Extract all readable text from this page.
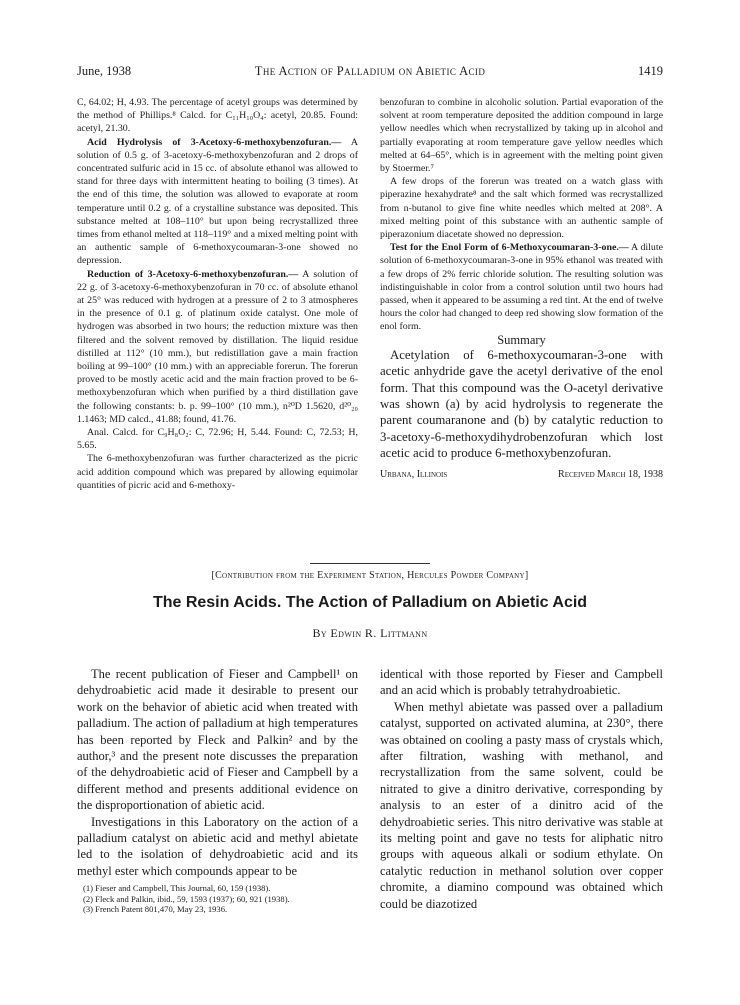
June, 1938	The Action of Palladium on Abietic Acid	1419

C, 64.02; H, 4.93. The percentage of acetyl groups was determined by the method of Phillips.⁸ Calcd. for C₁₁H₁₀O₄: acetyl, 20.85. Found: acetyl, 21.30.

Acid Hydrolysis of 3-Acetoxy-6-methoxybenzofuran.— A solution of 0.5 g. of 3-acetoxy-6-methoxybenzofuran and 2 drops of concentrated sulfuric acid in 15 cc. of absolute ethanol was allowed to stand for three days with intermittent heating to boiling (3 times). At the end of this time, the solution was allowed to evaporate at room temperature until 0.2 g. of a crystalline substance was deposited. This substance melted at 108–110° but upon being recrystallized three times from ethanol melted at 118–119° and a mixed melting point with an authentic sample of 6-methoxycoumaran-3-one showed no depression.

Reduction of 3-Acetoxy-6-methoxybenzofuran.— A solution of 22 g. of 3-acetoxy-6-methoxybenzofuran in 70 cc. of absolute ethanol at 25° was reduced with hydrogen at a pressure of 2 to 3 atmospheres in the presence of 0.1 g. of platinum oxide catalyst. One mole of hydrogen was absorbed in two hours; the reduction mixture was then filtered and the solvent removed by distillation. The liquid residue distilled at 112° (10 mm.), but redistillation gave a main fraction boiling at 99–100° (10 mm.) with an appreciable forerun. The forerun proved to be mostly acetic acid and the main fraction proved to be 6-methoxybenzofuran which when purified by a third distillation gave the following constants: b. p. 99–100° (10 mm.), n²⁰D 1.5620, d²⁰₂₀ 1.1463; MD calcd., 41.88; found, 41.76.

Anal. Calcd. for C₉H₈O₂: C, 72.96; H, 5.44. Found: C, 72.53; H, 5.65.

The 6-methoxybenzofuran was further characterized as the picric acid addition compound which was prepared by allowing equimolar quantities of picric acid and 6-methoxy-

benzofuran to combine in alcoholic solution. Partial evaporation of the solvent at room temperature deposited the addition compound in large yellow needles which when recrystallized by taking up in alcohol and partially evaporating at room temperature gave yellow needles which melted at 64–65°, which is in agreement with the melting point given by Stoermer.⁷

A few drops of the forerun was treated on a watch glass with piperazine hexahydrate⁸ and the salt which formed was recrystallized from n-butanol to give fine white needles which melted at 208°. A mixed melting point of this substance with an authentic sample of piperazonium diacetate showed no depression.

Test for the Enol Form of 6-Methoxycoumaran-3-one.— A dilute solution of 6-methoxycoumaran-3-one in 95% ethanol was treated with a few drops of 2% ferric chloride solution. The resulting solution was indistinguishable in color from a control solution until two hours had passed, when it appeared to be assuming a red tint. At the end of twelve hours the color had changed to deep red showing slow formation of the enol form.

Summary

Acetylation of 6-methoxycoumaran-3-one with acetic anhydride gave the acetyl derivative of the enol form. That this compound was the O-acetyl derivative was shown (a) by acid hydrolysis to regenerate the parent coumaranone and (b) by catalytic reduction to 3-acetoxy-6-methoxydihydrobenzofuran which lost acetic acid to produce 6-methoxybenzofuran.

Urbana, Illinois	Received March 18, 1938
[Contribution from the Experiment Station, Hercules Powder Company]
The Resin Acids. The Action of Palladium on Abietic Acid
By Edwin R. Littmann

The recent publication of Fieser and Campbell¹ on dehydroabietic acid made it desirable to present our work on the behavior of abietic acid when treated with palladium. The action of palladium at high temperatures has been reported by Fleck and Palkin² and by the author,³ and the present note discusses the preparation of the dehydroabietic acid of Fieser and Campbell by a different method and presents additional evidence on the disproportionation of abietic acid.

Investigations in this Laboratory on the action of a palladium catalyst on abietic acid and methyl abietate led to the isolation of dehydroabietic acid and its methyl ester which compounds appear to be

(1) Fieser and Campbell, This Journal, 60, 159 (1938).
(2) Fleck and Palkin, ibid., 59, 1593 (1937); 60, 921 (1938).
(3) French Patent 801,470, May 23, 1936.

identical with those reported by Fieser and Campbell and an acid which is probably tetrahydroabietic.

When methyl abietate was passed over a palladium catalyst, supported on activated alumina, at 230°, there was obtained on cooling a pasty mass of crystals which, after filtration, washing with methanol, and recrystallization from the same solvent, could be nitrated to give a dinitro derivative, corresponding by analysis to an ester of a dinitro acid of the dehydroabietic series. This nitro derivative was stable at its melting point and gave no tests for aliphatic nitro groups with aqueous alkali or sodium ethylate. On catalytic reduction in methanol solution over copper chromite, a diamino compound was obtained which could be diazotized
